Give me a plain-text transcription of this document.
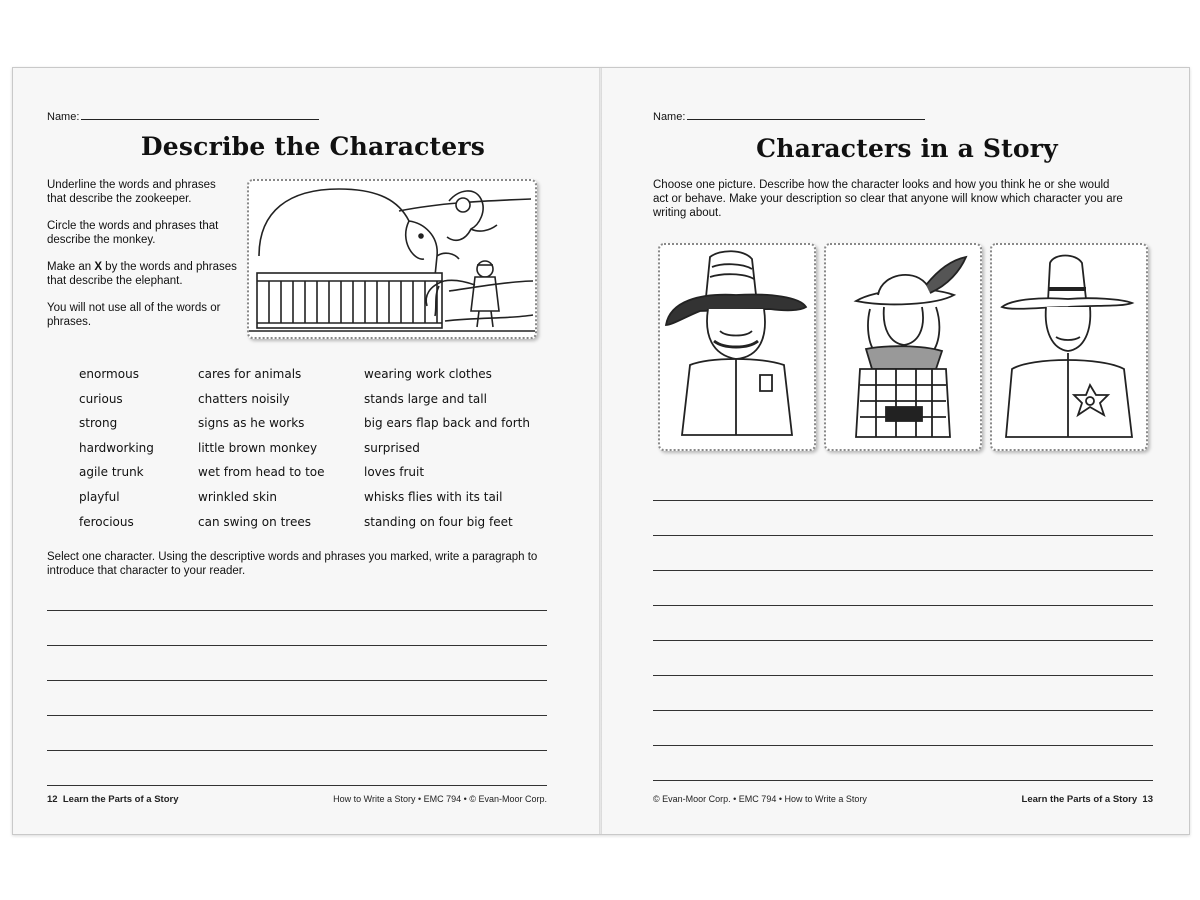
Name:
Describe the Characters
Underline the words and phrases that describe the zookeeper.
Circle the words and phrases that describe the monkey.
Make an X by the words and phrases that describe the elephant.
You will not use all of the words or phrases.
enormous
curious
strong
hardworking
agile trunk
playful
ferocious
cares for animals
chatters noisily
signs as he works
little brown monkey
wet from head to toe
wrinkled skin
can swing on trees
wearing work clothes
stands large and tall
big ears flap back and forth
surprised
loves fruit
whisks flies with its tail
standing on four big feet
Select one character. Using the descriptive words and phrases you marked, write a paragraph to introduce that character to your reader.
12 Learn the Parts of a Story	How to Write a Story • EMC 794 • © Evan-Moor Corp.
Name:
Characters in a Story
Choose one picture. Describe how the character looks and how you think he or she would act or behave. Make your description so clear that anyone will know which character you are writing about.
© Evan-Moor Corp. • EMC 794 • How to Write a Story	Learn the Parts of a Story 13
